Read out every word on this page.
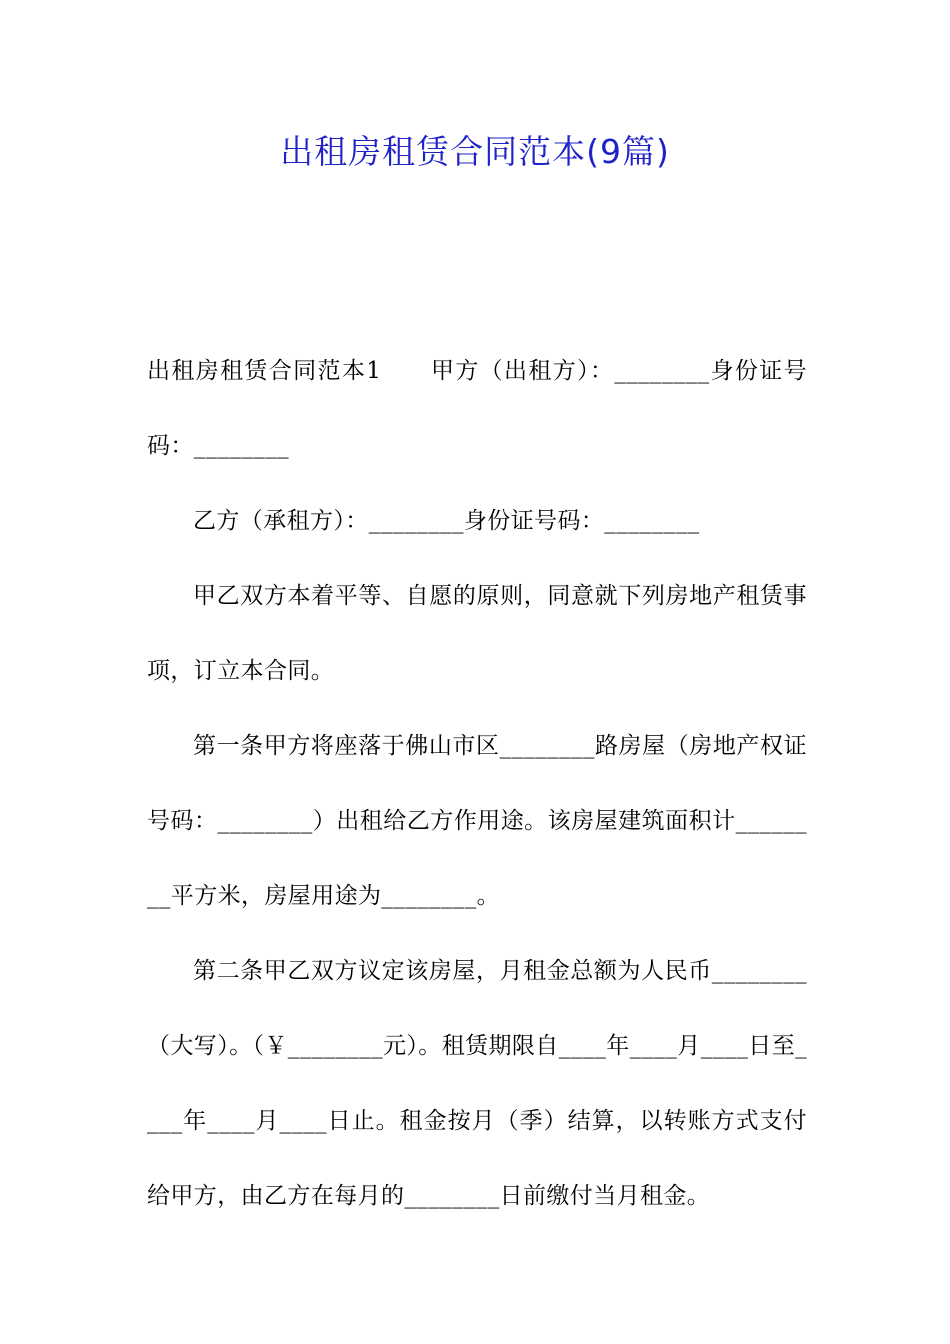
出租房租赁合同范本(9篇)

出租房租赁合同范本1　　甲方（出租方）：________身份证号码：________

乙方（承租方）：________身份证号码：________

甲乙双方本着平等、自愿的原则，同意就下列房地产租赁事项，订立本合同。

第一条甲方将座落于佛山市区________路房屋（房地产权证号码：________）出租给乙方作用途。该房屋建筑面积计________平方米，房屋用途为________。

第二条甲乙双方议定该房屋，月租金总额为人民币________（大写）。（￥________元）。租赁期限自____年____月____日至____年____月____日止。租金按月（季）结算，以转账方式支付给甲方，由乙方在每月的________日前缴付当月租金。
